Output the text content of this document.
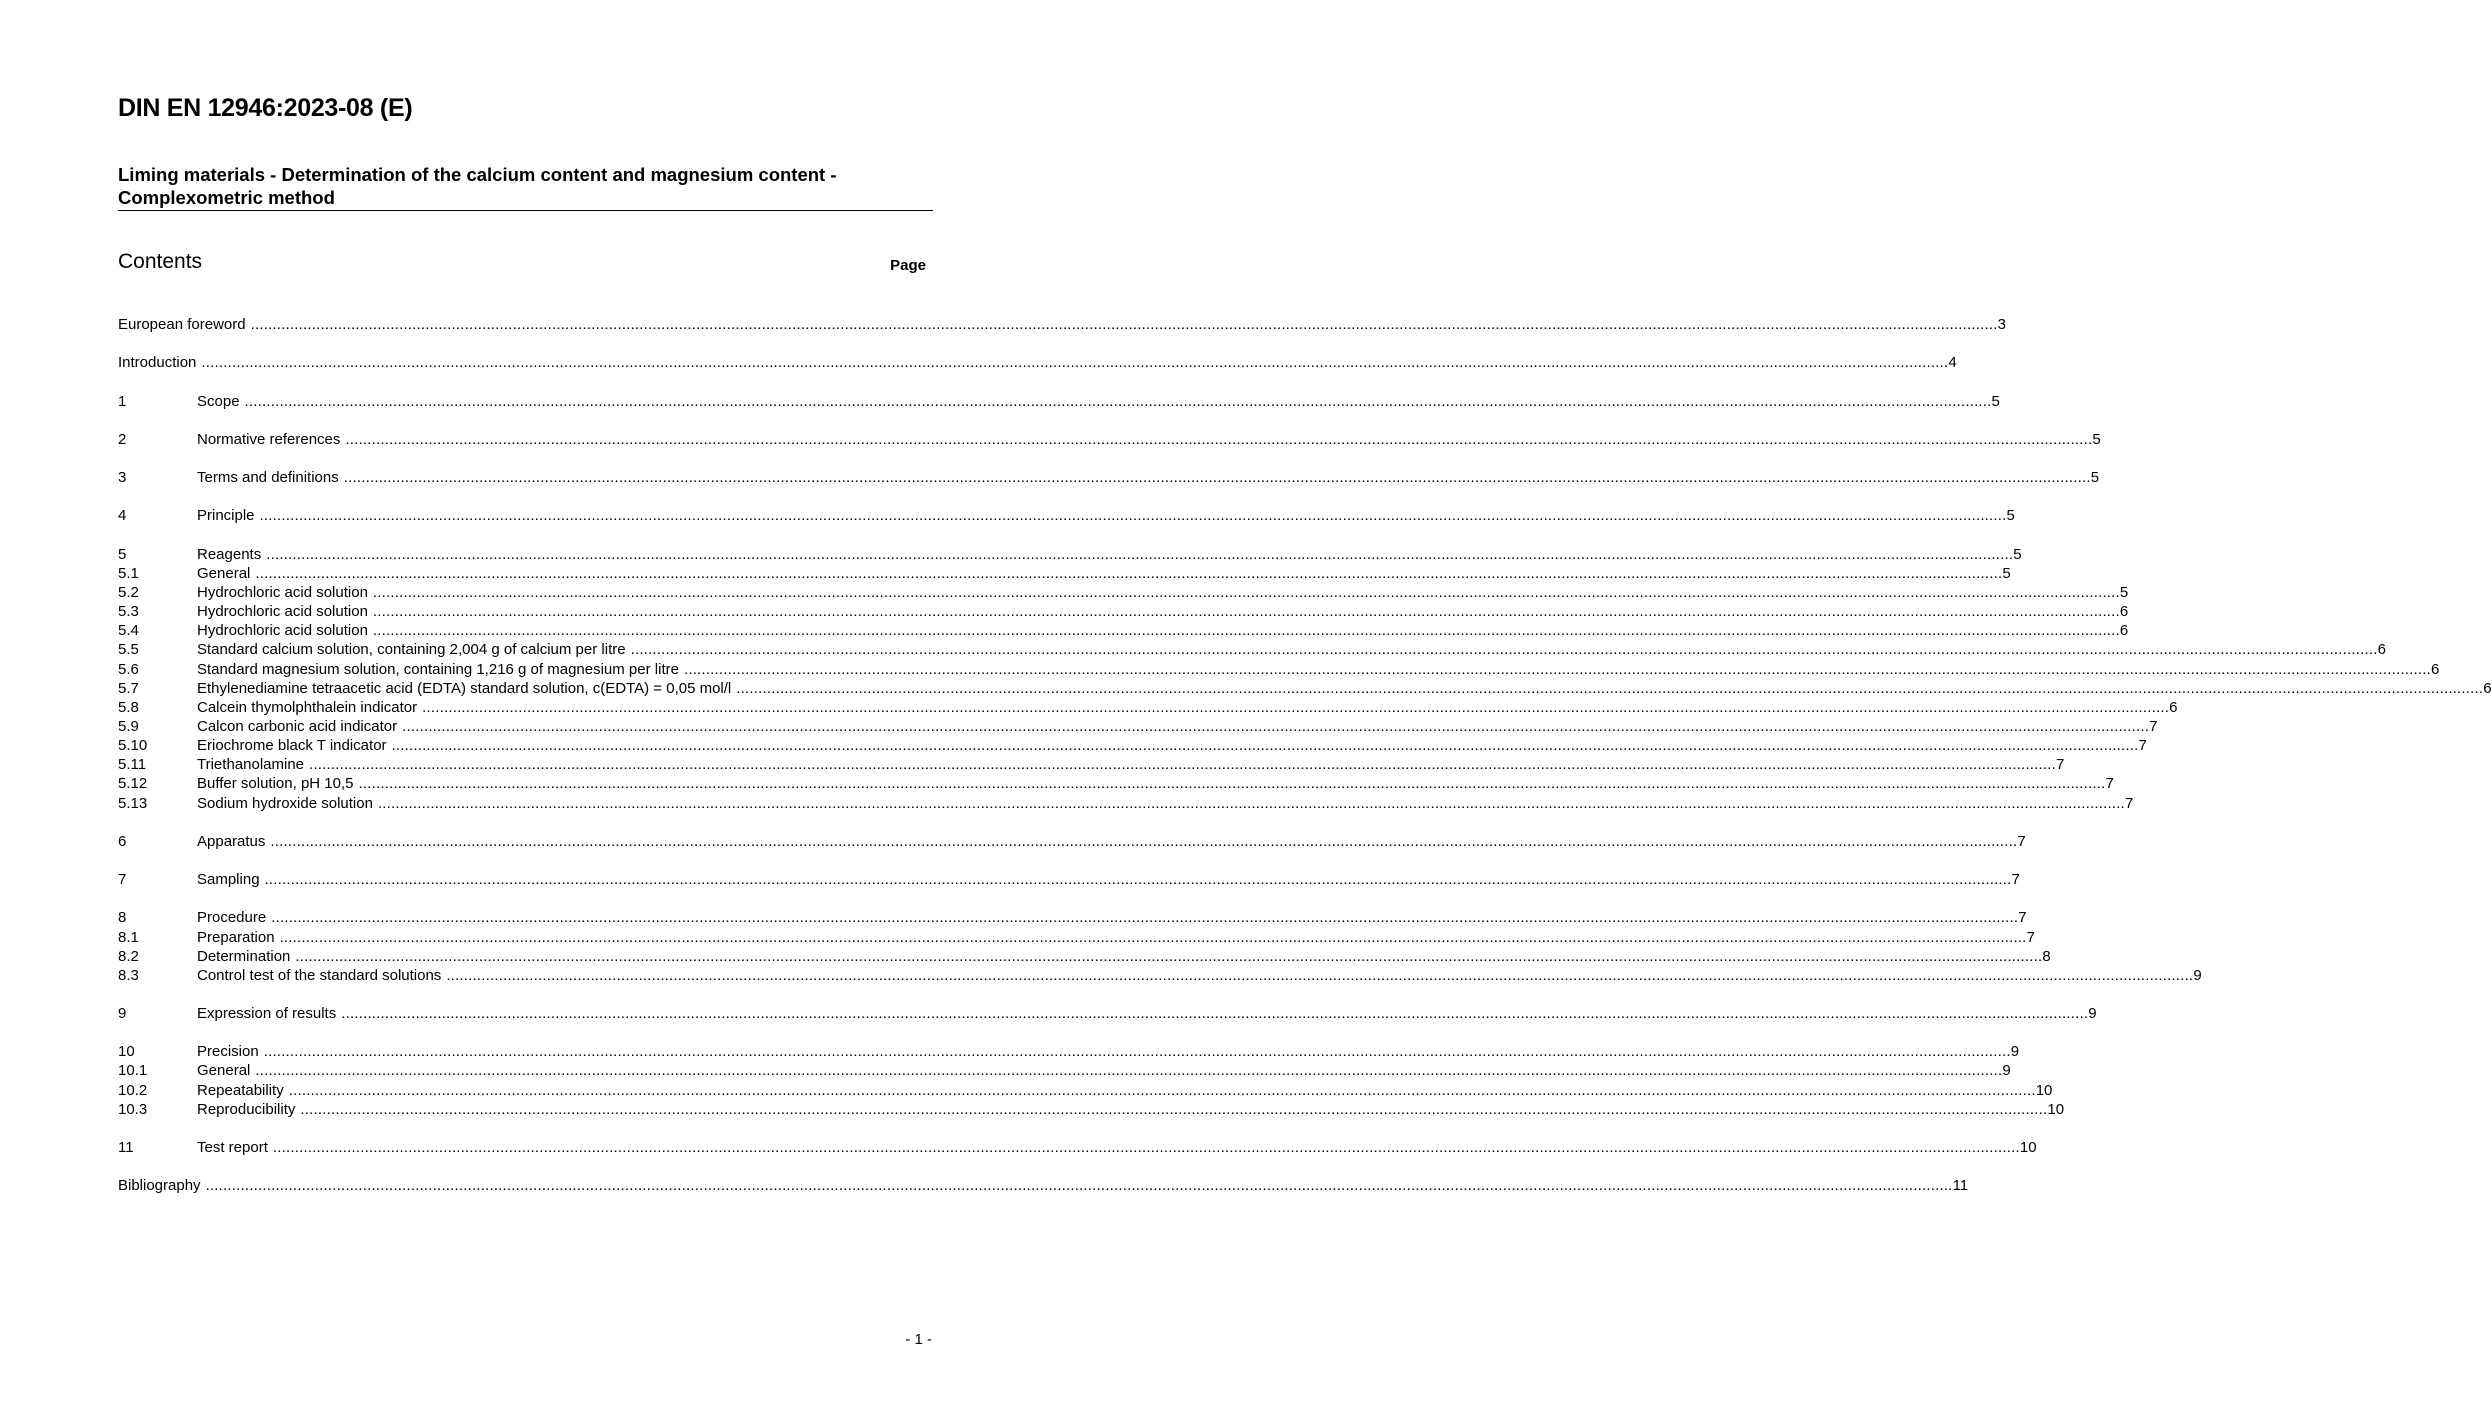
DIN EN 12946:2023-08 (E)
Liming materials - Determination of the calcium content and magnesium content -
Complexometric method
Contents	Page
European foreword ................................................................................................................................................................................................................................................................................................................................................................................................................ 3
Introduction ................................................................................................................................................................................................................................................................................................................................................................................................................ 4
1	Scope ................................................................................................................................................................................................................................................................................................................................................................................................................ 5
2	Normative references ................................................................................................................................................................................................................................................................................................................................................................................................................ 5
3	Terms and definitions ................................................................................................................................................................................................................................................................................................................................................................................................................ 5
4	Principle ................................................................................................................................................................................................................................................................................................................................................................................................................ 5
5	Reagents ................................................................................................................................................................................................................................................................................................................................................................................................................ 5
5.1	General ................................................................................................................................................................................................................................................................................................................................................................................................................ 5
5.2	Hydrochloric acid solution ................................................................................................................................................................................................................................................................................................................................................................................................................ 5
5.3	Hydrochloric acid solution ................................................................................................................................................................................................................................................................................................................................................................................................................ 6
5.4	Hydrochloric acid solution ................................................................................................................................................................................................................................................................................................................................................................................................................ 6
5.5	Standard calcium solution, containing 2,004 g of calcium per litre ................................................................................................................................................................................................................................................................................................................................................................................................................ 6
5.6	Standard magnesium solution, containing 1,216 g of magnesium per litre ................................................................................................................................................................................................................................................................................................................................................................................................................ 6
5.7	Ethylenediamine tetraacetic acid (EDTA) standard solution, c(EDTA) = 0,05 mol/l ................................................................................................................................................................................................................................................................................................................................................................................................................ 6
5.8	Calcein thymolphthalein indicator ................................................................................................................................................................................................................................................................................................................................................................................................................ 6
5.9	Calcon carbonic acid indicator ................................................................................................................................................................................................................................................................................................................................................................................................................ 7
5.10	Eriochrome black T indicator ................................................................................................................................................................................................................................................................................................................................................................................................................ 7
5.11	Triethanolamine ................................................................................................................................................................................................................................................................................................................................................................................................................ 7
5.12	Buffer solution, pH 10,5 ................................................................................................................................................................................................................................................................................................................................................................................................................ 7
5.13	Sodium hydroxide solution ................................................................................................................................................................................................................................................................................................................................................................................................................ 7
6	Apparatus ................................................................................................................................................................................................................................................................................................................................................................................................................ 7
7	Sampling ................................................................................................................................................................................................................................................................................................................................................................................................................ 7
8	Procedure ................................................................................................................................................................................................................................................................................................................................................................................................................ 7
8.1	Preparation ................................................................................................................................................................................................................................................................................................................................................................................................................ 7
8.2	Determination ................................................................................................................................................................................................................................................................................................................................................................................................................ 8
8.3	Control test of the standard solutions ................................................................................................................................................................................................................................................................................................................................................................................................................ 9
9	Expression of results ................................................................................................................................................................................................................................................................................................................................................................................................................ 9
10	Precision ................................................................................................................................................................................................................................................................................................................................................................................................................ 9
10.1	General ................................................................................................................................................................................................................................................................................................................................................................................................................ 9
10.2	Repeatability ................................................................................................................................................................................................................................................................................................................................................................................................................ 10
10.3	Reproducibility ................................................................................................................................................................................................................................................................................................................................................................................................................ 10
11	Test report ................................................................................................................................................................................................................................................................................................................................................................................................................ 10
Bibliography ................................................................................................................................................................................................................................................................................................................................................................................................................ 11
- 1 -
